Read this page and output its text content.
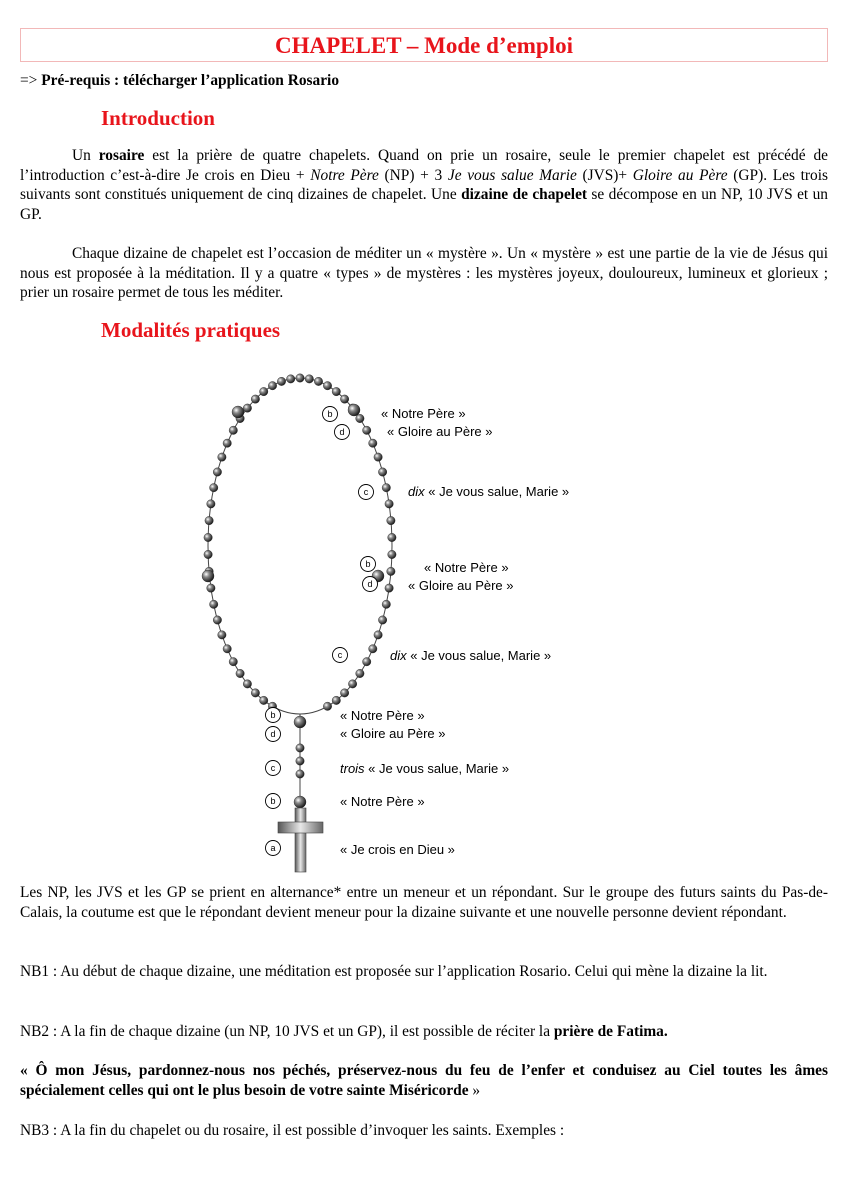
CHAPELET – Mode d’emploi

=> Pré-requis : télécharger l’application Rosario

Introduction

Un rosaire est la prière de quatre chapelets. Quand on prie un rosaire, seule le premier chapelet est précédé de l’introduction c’est-à-dire Je crois en Dieu + Notre Père (NP) + 3 Je vous salue Marie (JVS)+ Gloire au Père (GP). Les trois suivants sont constitués uniquement de cinq dizaines de chapelet. Une dizaine de chapelet se décompose en un NP, 10 JVS et un GP.

Chaque dizaine de chapelet est l’occasion de méditer un « mystère ». Un « mystère » est une partie de la vie de Jésus qui nous est proposée à la méditation. Il y a quatre « types » de mystères : les mystères joyeux, douloureux, lumineux et glorieux ; prier un rosaire permet de tous les méditer.

Modalités pratiques
b
d
c
b
d
c
b
d
c
b
a
« Notre Père »
« Gloire au Père »
dix « Je vous salue, Marie »
« Notre Père »
« Gloire au Père »
dix « Je vous salue, Marie »
« Notre Père »
« Gloire au Père »
trois « Je vous salue, Marie »
« Notre Père »
« Je crois en Dieu »

Les NP, les JVS et les GP se prient en alternance* entre un meneur et un répondant. Sur le groupe des futurs saints du Pas-de-Calais, la coutume est que le répondant devient meneur pour la dizaine suivante et une nouvelle personne devient répondant.

NB1 : Au début de chaque dizaine, une méditation est proposée sur l’application Rosario. Celui qui mène la dizaine la lit.

NB2 : A la fin de chaque dizaine (un NP, 10 JVS et un GP), il est possible de réciter la prière de Fatima.

« Ô mon Jésus, pardonnez-nous nos péchés, préservez-nous du feu de l’enfer et conduisez au Ciel toutes les âmes spécialement celles qui ont le plus besoin de votre sainte Miséricorde »

NB3 : A la fin du chapelet ou du rosaire, il est possible d’invoquer les saints. Exemples :
